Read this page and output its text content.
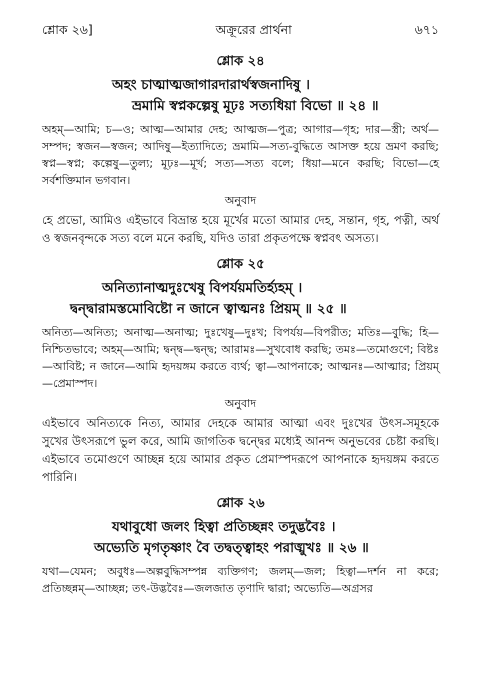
শ্লোক ২৬]	অক্রূরের প্রার্থনা	৬৭১
শ্লোক ২৪
অহং চাত্মাত্মজাগারদারার্থস্বজনাদিষু ।
ভ্রমামি স্বপ্নকল্পেষু মূঢ়ঃ সত্যধিয়া বিভো ॥ ২৪ ॥
অহম্—আমি; চ—ও; আত্ম—আমার দেহ; আত্মজ—পুত্র; আগার—গৃহ; দার—স্ত্রী; অর্থ—সম্পদ; স্বজন—স্বজন; আদিষু—ইত্যাদিতে; ভ্রমামি—সত্য-বুদ্ধিতে আসক্ত হয়ে ভ্রমণ করছি; স্বপ্ন—স্বপ্ন; কল্পেষু—তুল্য; মূঢ়ঃ—মূর্খ; সত্য—সত্য বলে; ধিয়া—মনে করছি; বিভো—হে সর্বশক্তিমান ভগবান।
অনুবাদ
হে প্রভো, আমিও এইভাবে বিভ্রান্ত হয়ে মূর্খের মতো আমার দেহ, সন্তান, গৃহ, পত্নী, অর্থ ও স্বজনবৃন্দকে সত্য বলে মনে করছি, যদিও তারা প্রকৃতপক্ষে স্বপ্নবৎ অসত্য।
শ্লোক ২৫
অনিত্যানাত্মদুঃখেষু বিপর্যয়মতির্হ্যহম্ ।
দ্বন্দ্বারামস্তমোবিষ্টো ন জানে ত্বাত্মনঃ প্রিয়ম্ ॥ ২৫ ॥
অনিত্য—অনিত্য; অনাত্ম—অনাত্ম; দুঃখেষু—দুঃখ; বিপর্যয়—বিপরীত; মতিঃ—বুদ্ধি; হি—নিশ্চিতভাবে; অহম্—আমি; দ্বন্দ্ব—দ্বন্দ্ব; আরামঃ—সুখবোধ করছি; তমঃ—তমোগুণে; বিষ্টঃ—আবিষ্ট; ন জানে—আমি হৃদয়ঙ্গম করতে ব্যর্থ; ত্বা—আপনাকে; আত্মনঃ—আত্মার; প্রিয়ম্—প্রেমাস্পদ।
অনুবাদ
এইভাবে অনিত্যকে নিত্য, আমার দেহকে আমার আত্মা এবং দুঃখের উৎস-সমূহকে সুখের উৎসরূপে ভুল করে, আমি জাগতিক দ্বন্দ্বের মধ্যেই আনন্দ অনুভবের চেষ্টা করছি। এইভাবে তমোগুণে আচ্ছন্ন হয়ে আমার প্রকৃত প্রেমাস্পদরূপে আপনাকে হৃদয়ঙ্গম করতে পারিনি।
শ্লোক ২৬
যথাবুধো জলং হিত্বা প্রতিচ্ছন্নং তদুদ্ভবৈঃ ।
অভ্যেতি মৃগতৃষ্ণাং বৈ তদ্বত্ত্বাহং পরাঙ্মুখঃ ॥ ২৬ ॥
যথা—যেমন; অবুধঃ—অল্পবুদ্ধিসম্পন্ন ব্যক্তিগণ; জলম্—জল; হিত্বা—দর্শন না করে; প্রতিচ্ছন্নম্—আচ্ছন্ন; তৎ-উদ্ভবৈঃ—জলজাত তৃণাদি দ্বারা; অভ্যেতি—অগ্রসর
